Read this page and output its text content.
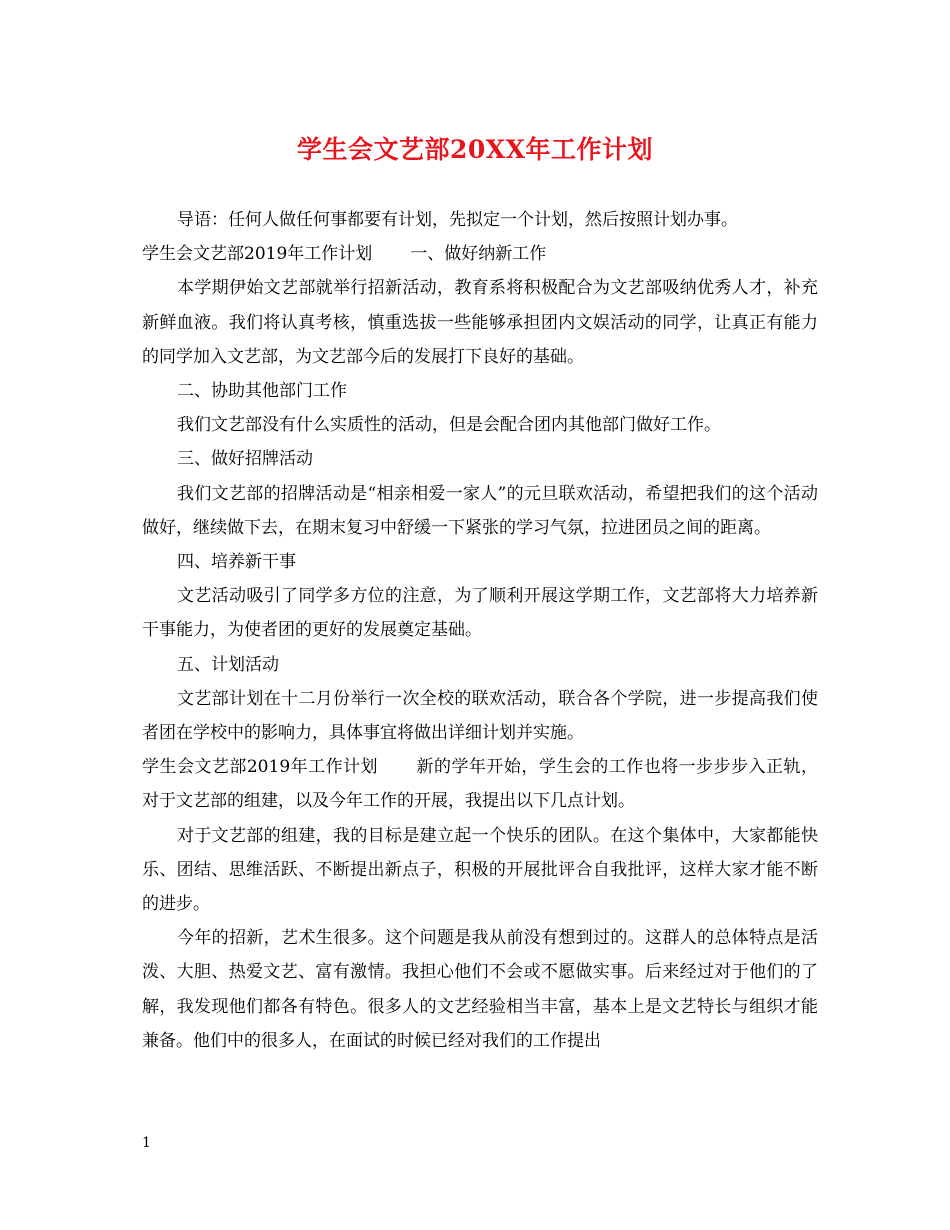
学生会文艺部20XX年工作计划

导语：任何人做任何事都要有计划，先拟定一个计划，然后按照计划办事。

学生会文艺部2019年工作计划 一、做好纳新工作

本学期伊始文艺部就举行招新活动，教育系将积极配合为文艺部吸纳优秀人才，补充新鲜血液。我们将认真考核，慎重选拔一些能够承担团内文娱活动的同学，让真正有能力的同学加入文艺部，为文艺部今后的发展打下良好的基础。

二、协助其他部门工作

我们文艺部没有什么实质性的活动，但是会配合团内其他部门做好工作。

三、做好招牌活动

我们文艺部的招牌活动是“相亲相爱一家人”的元旦联欢活动，希望把我们的这个活动做好，继续做下去，在期末复习中舒缓一下紧张的学习气氛，拉进团员之间的距离。

四、培养新干事

文艺活动吸引了同学多方位的注意，为了顺利开展这学期工作，文艺部将大力培养新干事能力，为使者团的更好的发展奠定基础。

五、计划活动

文艺部计划在十二月份举行一次全校的联欢活动，联合各个学院，进一步提高我们使者团在学校中的影响力，具体事宜将做出详细计划并实施。

学生会文艺部2019年工作计划 新的学年开始，学生会的工作也将一步步步入正轨，对于文艺部的组建，以及今年工作的开展，我提出以下几点计划。

对于文艺部的组建，我的目标是建立起一个快乐的团队。在这个集体中，大家都能快乐、团结、思维活跃、不断提出新点子，积极的开展批评合自我批评，这样大家才能不断的进步。

今年的招新，艺术生很多。这个问题是我从前没有想到过的。这群人的总体特点是活泼、大胆、热爱文艺、富有激情。我担心他们不会或不愿做实事。后来经过对于他们的了解，我发现他们都各有特色。很多人的文艺经验相当丰富，基本上是文艺特长与组织才能兼备。他们中的很多人，在面试的时候已经对我们的工作提出

1
